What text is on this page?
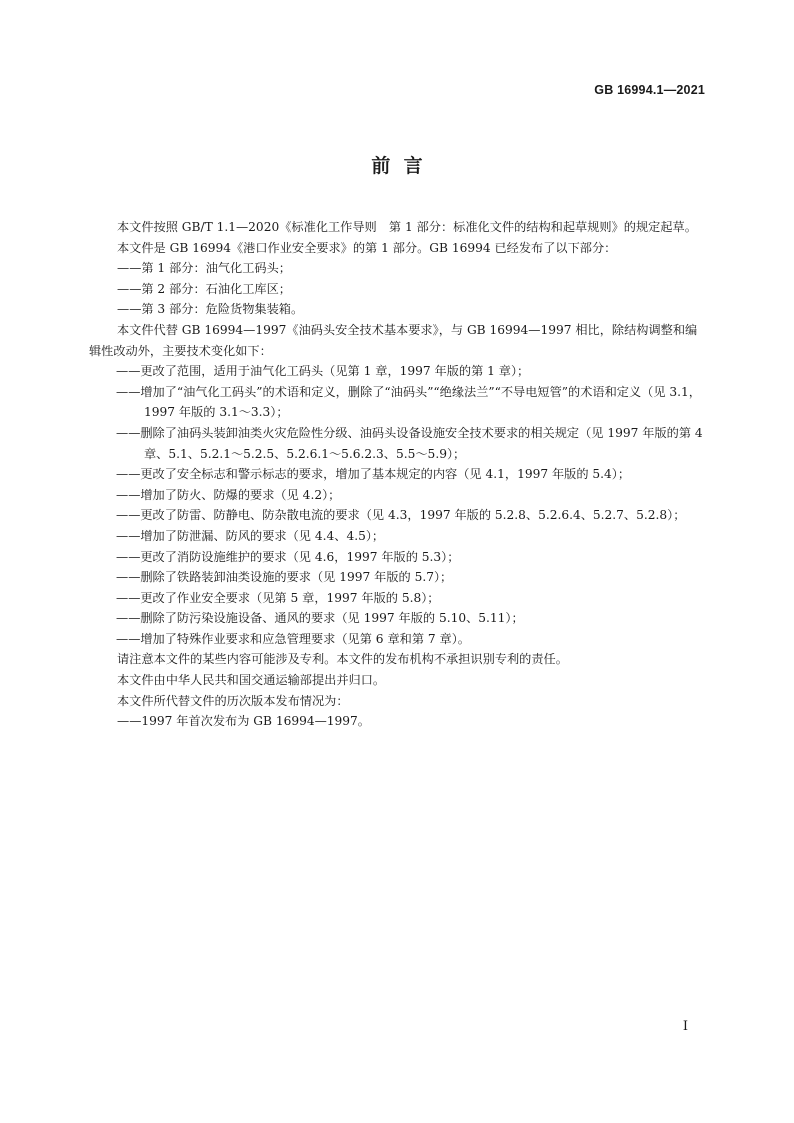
GB 16994.1—2021
前  言

本文件按照 GB/T 1.1—2020《标准化工作导则　第 1 部分：标准化文件的结构和起草规则》的规定起草。

本文件是 GB 16994《港口作业安全要求》的第 1 部分。GB 16994 已经发布了以下部分：

——第 1 部分：油气化工码头；

——第 2 部分：石油化工库区；

——第 3 部分：危险货物集装箱。

本文件代替 GB 16994—1997《油码头安全技术基本要求》，与 GB 16994—1997 相比，除结构调整和编辑性改动外，主要技术变化如下：

——更改了范围，适用于油气化工码头（见第 1 章，1997 年版的第 1 章）；

——增加了“油气化工码头”的术语和定义，删除了“油码头”“绝缘法兰”“不导电短管”的术语和定义（见 3.1，1997 年版的 3.1～3.3）；

——删除了油码头装卸油类火灾危险性分级、油码头设备设施安全技术要求的相关规定（见 1997 年版的第 4 章、5.1、5.2.1～5.2.5、5.2.6.1～5.6.2.3、5.5～5.9）；

——更改了安全标志和警示标志的要求，增加了基本规定的内容（见 4.1，1997 年版的 5.4）；

——增加了防火、防爆的要求（见 4.2）；

——更改了防雷、防静电、防杂散电流的要求（见 4.3，1997 年版的 5.2.8、5.2.6.4、5.2.7、5.2.8）；

——增加了防泄漏、防风的要求（见 4.4、4.5）；

——更改了消防设施维护的要求（见 4.6，1997 年版的 5.3）；

——删除了铁路装卸油类设施的要求（见 1997 年版的 5.7）；

——更改了作业安全要求（见第 5 章，1997 年版的 5.8）；

——删除了防污染设施设备、通风的要求（见 1997 年版的 5.10、5.11）；

——增加了特殊作业要求和应急管理要求（见第 6 章和第 7 章）。

请注意本文件的某些内容可能涉及专利。本文件的发布机构不承担识别专利的责任。

本文件由中华人民共和国交通运输部提出并归口。

本文件所代替文件的历次版本发布情况为：

——1997 年首次发布为 GB 16994—1997。

I
